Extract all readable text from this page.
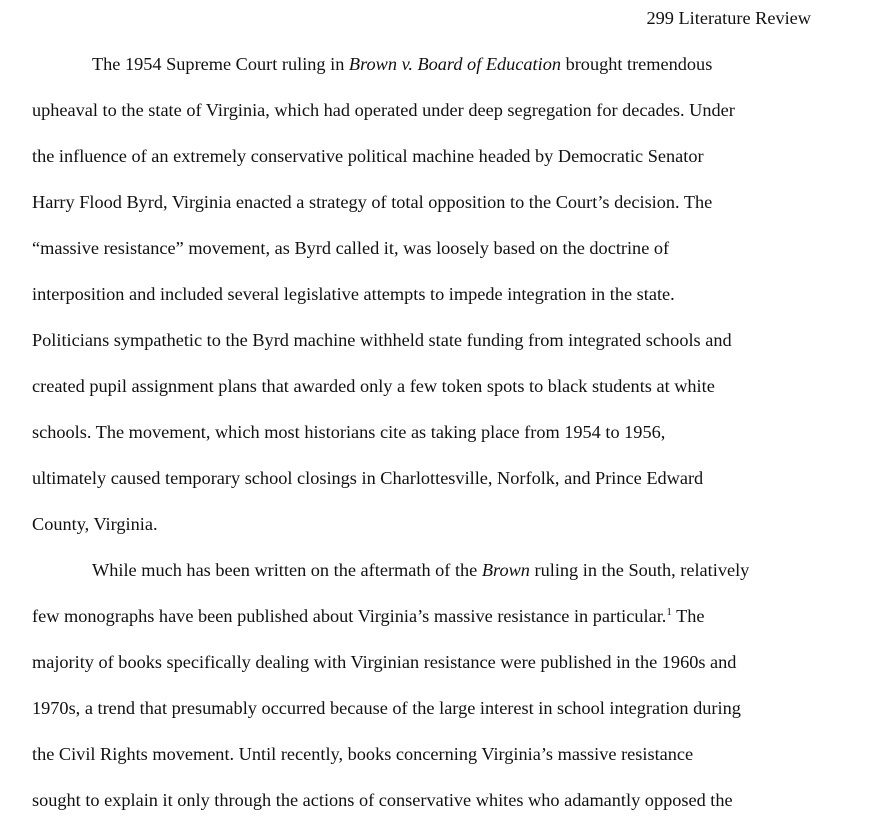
299 Literature Review
The 1954 Supreme Court ruling in Brown v. Board of Education brought tremendous
upheaval to the state of Virginia, which had operated under deep segregation for decades. Under
the influence of an extremely conservative political machine headed by Democratic Senator
Harry Flood Byrd, Virginia enacted a strategy of total opposition to the Court’s decision. The
“massive resistance” movement, as Byrd called it, was loosely based on the doctrine of
interposition and included several legislative attempts to impede integration in the state.
Politicians sympathetic to the Byrd machine withheld state funding from integrated schools and
created pupil assignment plans that awarded only a few token spots to black students at white
schools. The movement, which most historians cite as taking place from 1954 to 1956,
ultimately caused temporary school closings in Charlottesville, Norfolk, and Prince Edward
County, Virginia.
While much has been written on the aftermath of the Brown ruling in the South, relatively
few monographs have been published about Virginia’s massive resistance in particular.$^1$ The
majority of books specifically dealing with Virginian resistance were published in the 1960s and
1970s, a trend that presumably occurred because of the large interest in school integration during
the Civil Rights movement. Until recently, books concerning Virginia’s massive resistance
sought to explain it only through the actions of conservative whites who adamantly opposed the
